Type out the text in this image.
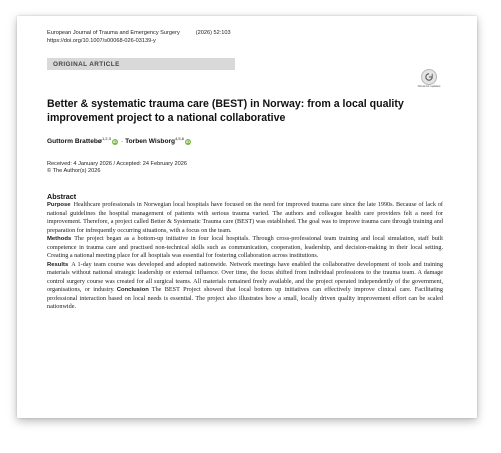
European Journal of Trauma and Emergency Surgery	(2026) 52:103
https://doi.org/10.1007/s00068-026-03139-y
ORIGINAL ARTICLE
Check for updates
Better & systematic trauma care (BEST) in Norway: from a local quality improvement project to a national collaborative
Guttorm Brattebø$^{1,2,3}$iD · Torben Wisborg$^{4,5,6}$iD
Received: 4 January 2026 / Accepted: 24 February 2026
© The Author(s) 2026
Abstract

Purpose Healthcare professionals in Norwegian local hospitals have focused on the need for improved trauma care since the late 1990s. Because of lack of national guidelines the hospital management of patients with serious trauma varied. The authors and colleague health care providers felt a need for improvement. Therefore, a project called Better & Systematic Trauma care (BEST) was established. The goal was to improve trauma care through training and preparation for infrequently occurring situations, with a focus on the team.

Methods The project began as a bottom-up initiative in four local hospitals. Through cross-professional team training and local simulation, staff built competence in trauma care and practised non-technical skills such as communication, cooperation, leadership, and decision-making in their local setting. Creating a national meeting place for all hospitals was essential for fostering collaboration across institutions.

Results A 1-day team course was developed and adopted nationwide. Network meetings have enabled the collaborative development of tools and training materials without national strategic leadership or external influence. Over time, the focus shifted from individual professions to the trauma team. A damage control surgery course was created for all surgical teams. All materials remained freely available, and the project operated independently of the government, organisations, or industry. Conclusion The BEST Project showed that local bottom up initiatives can effectively improve clinical care. Facilitating professional interaction based on local needs is essential. The project also illustrates how a small, locally driven quality improvement effort can be scaled nationwide.
